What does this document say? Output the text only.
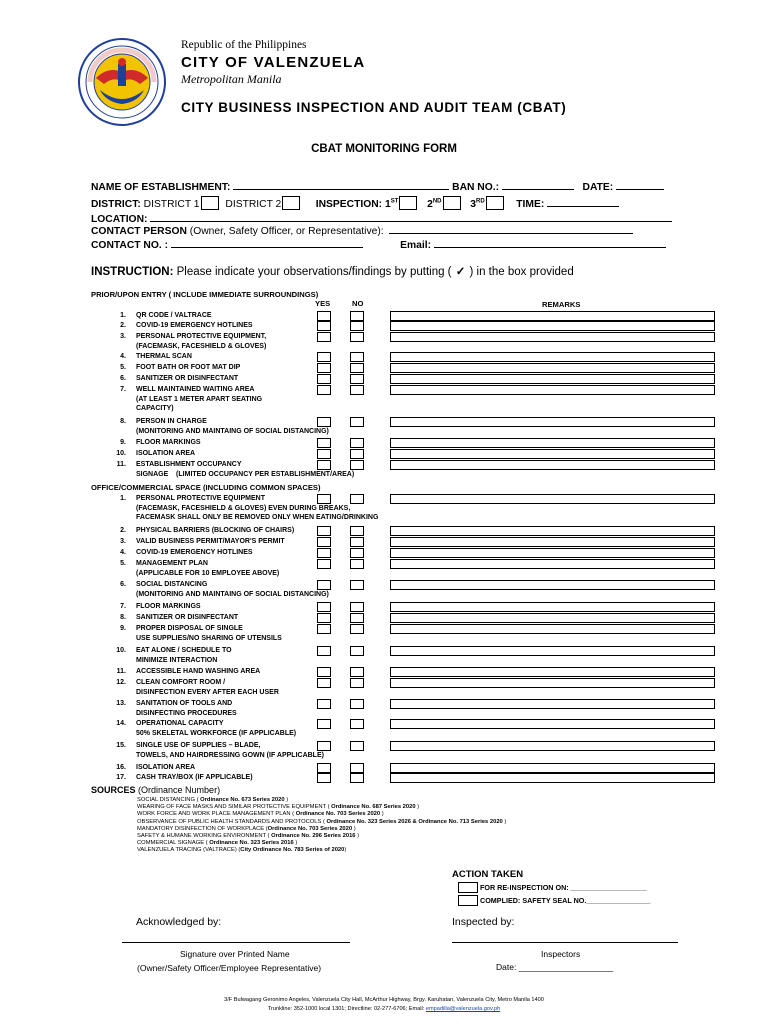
Republic of the Philippines
CITY OF VALENZUELA
Metropolitan Manila
CITY BUSINESS INSPECTION AND AUDIT TEAM (CBAT)
CBAT MONITORING FORM
NAME OF ESTABLISHMENT:	BAN NO.:	DATE:
DISTRICT: DISTRICT 1	DISTRICT 2	INSPECTION: 1ST	2ND	3RD	TIME:
LOCATION:
CONTACT PERSON (Owner, Safety Officer, or Representative):
CONTACT NO. :	Email:
INSTRUCTION: Please indicate your observations/findings by putting ( ✓ ) in the box provided
PRIOR/UPON ENTRY ( INCLUDE IMMEDIATE SURROUNDINGS)
YES	NO	REMARKS
1. QR CODE / VALTRACE
2. COVID-19 EMERGENCY HOTLINES
3. PERSONAL PROTECTIVE EQUIPMENT,
(FACEMASK, FACESHIELD & GLOVES)
4. THERMAL SCAN
5. FOOT BATH OR FOOT MAT DIP
6. SANITIZER OR DISINFECTANT
7. WELL MAINTAINED WAITING AREA
(AT LEAST 1 METER APART SEATING
CAPACITY)
8. PERSON IN CHARGE
(MONITORING AND MAINTAING OF SOCIAL DISTANCING)
9. FLOOR MARKINGS
10. ISOLATION AREA
11. ESTABLISHMENT OCCUPANCY
SIGNAGE    (LIMITED OCCUPANCY PER ESTABLISHMENT/AREA)
OFFICE/COMMERCIAL SPACE (INCLUDING COMMON SPACES)
1. PERSONAL PROTECTIVE EQUIPMENT
(FACEMASK, FACESHIELD & GLOVES) EVEN DURING BREAKS,
FACEMASK SHALL ONLY BE REMOVED ONLY WHEN EATING/DRINKING
2. PHYSICAL BARRIERS (BLOCKING OF CHAIRS)
3. VALID BUSINESS PERMIT/MAYOR'S PERMIT
4. COVID-19 EMERGENCY HOTLINES
5. MANAGEMENT PLAN
(APPLICABLE FOR 10 EMPLOYEE ABOVE)
6. SOCIAL DISTANCING
(MONITORING AND MAINTAING OF SOCIAL DISTANCING)
7. FLOOR MARKINGS
8. SANITIZER OR DISINFECTANT
9. PROPER DISPOSAL OF SINGLE
USE SUPPLIES/NO SHARING OF UTENSILS
10. EAT ALONE / SCHEDULE TO
MINIMIZE INTERACTION
11. ACCESSIBLE HAND WASHING AREA
12. CLEAN COMFORT ROOM /
DISINFECTION EVERY AFTER EACH USER
13. SANITATION OF TOOLS AND
DISINFECTING PROCEDURES
14. OPERATIONAL CAPACITY
50% SKELETAL WORKFORCE (IF APPLICABLE)
15. SINGLE USE OF SUPPLIES – BLADE,
TOWELS, AND HAIRDRESSING GOWN (IF APPLICABLE)
16. ISOLATION AREA
17. CASH TRAY/BOX (IF APPLICABLE)
SOURCES (Ordinance Number)
SOCIAL DISTANCING ( Ordinance No. 673 Series 2020 )
WEARING OF FACE MASKS AND SIMILAR PROTECTIVE EQUIPMENT ( Ordinance No. 687 Series 2020 )
WORK FORCE AND WORK PLACE MANAGEMENT PLAN ( Ordinance No. 703 Series 2020 )
OBSERVANCE OF PUBLIC HEALTH STANDARDS AND PROTOCOLS ( Ordinance No. 323 Series 2026 & Ordinance No. 713 Series 2020 )
MANDATORY DISINFECTION OF WORKPLACE (Ordinance No. 703 Series 2020 )
SAFETY & HUMANE WORKING ENVIRONMENT ( Ordinance No. 296 Series 2016 )
COMMERCIAL SIGNAGE ( Ordinance No. 323 Series 2016 )
VALENZUELA TRACING (VALTRACE) (City Ordinance No. 783 Series of 2020)
ACTION TAKEN
FOR RE-INSPECTION ON: ___________________
COMPLIED: SAFETY SEAL NO.________________
Acknowledged by:	Inspected by:
Signature over Printed Name
(Owner/Safety Officer/Employee Representative)
Inspectors
Date: ____________________
3/F Bulwagang Geronimo Angeles, Valenzuela City Hall, McArthur Highway, Brgy. Karuhatan, Valenzuela City, Metro Manila 1400
Trunkline: 352-1000 local 1301; Directline: 02-277-6706; Email: empadilla@valenzuela.gov.ph
